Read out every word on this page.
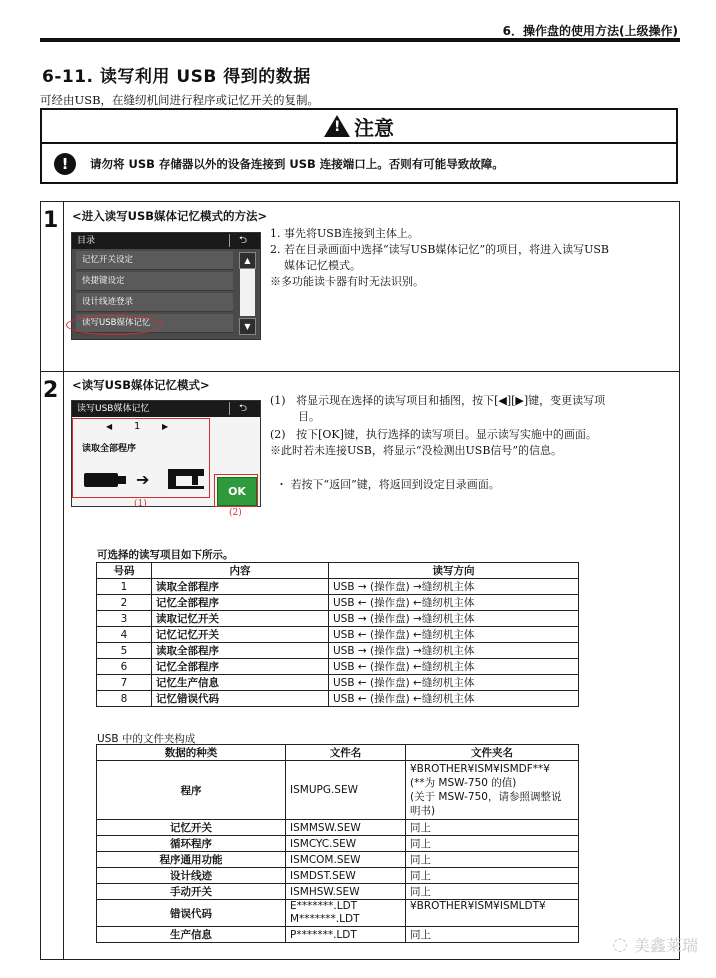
6．操作盘的使用方法(上级操作)
6-11. 读写利用 USB 得到的数据
可经由USB，在缝纫机间进行程序或记忆开关的复制。
! 注意
!	请勿将 USB 存储器以外的设备连接到 USB 连接端口上。否则有可能导致故障。
1 <进入读写USB媒体记忆模式的方法>
目录	⮌
记忆开关设定
快捷键设定
设计线迹登录
读写USB媒体记忆
▲
▼
1. 事先将USB连接到主体上。
2. 若在目录画面中选择“读写USB媒体记忆”的项目，将进入读写USB
媒体记忆模式。
※多功能读卡器有时无法识别。
2 <读写USB媒体记忆模式>
读写USB媒体记忆	⮌
◀ 1	▶
读取全部程序
➔
OK
(1)
(2)
(1)   将显示现在选择的读写项目和插图，按下[◀][▶]键，变更读写项
目。
(2)   按下[OK]键，执行选择的读写项目。显示读写实施中的画面。
※此时若未连接USB，将显示“没检测出USB信号”的信息。
・ 若按下“返回”键，将返回到设定目录画面。
可选择的读写项目如下所示。
号码	内容	读写方向
1	读取全部程序	USB → (操作盘) →缝纫机主体
2	记忆全部程序	USB ← (操作盘) ←缝纫机主体
3	读取记忆开关	USB → (操作盘) →缝纫机主体
4	记忆记忆开关	USB ← (操作盘) ←缝纫机主体
5	读取全部程序	USB → (操作盘) →缝纫机主体
6	记忆全部程序	USB ← (操作盘) ←缝纫机主体
7	记忆生产信息	USB ← (操作盘) ←缝纫机主体
8	记忆错误代码	USB ← (操作盘) ←缝纫机主体
USB 中的文件夹构成
数据的种类	文件名	文件夹名
程序	ISMUPG.SEW	¥BROTHER¥ISM¥ISMDF**¥
(**为 MSW-750 的值)
(关于 MSW-750，请参照调整说
明书)

记忆开关	ISMMSW.SEW	同上
循环程序	ISMCYC.SEW	同上
程序通用功能	ISMCOM.SEW	同上
设计线迹	ISMDST.SEW	同上
手动开关	ISMHSW.SEW	同上
错误代码	E*******.LDT
M*******.LDT	¥BROTHER¥ISM¥ISMLDT¥
生产信息	P*******.LDT	同上	◌ 美鑫莱瑞
